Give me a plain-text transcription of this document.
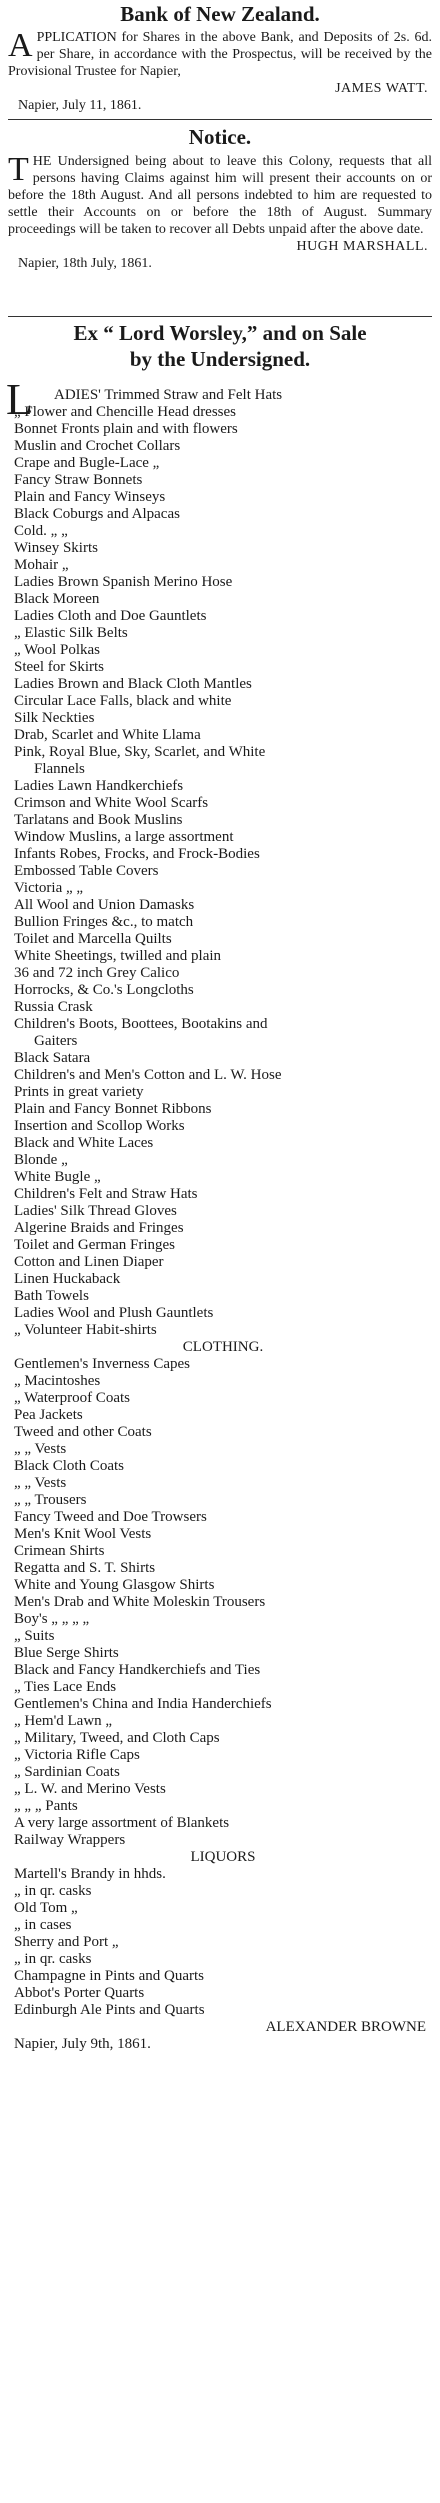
Bank of New Zealand.

APPLICATION for Shares in the above Bank, and Deposits of 2s. 6d. per Share, in accordance with the Prospectus, will be received by the Provisional Trustee for Napier,

JAMES WATT.

Napier, July 11, 1861.

Notice.

THE Undersigned being about to leave this Colony, requests that all persons having Claims against him will present their accounts on or before the 18th August. And all persons indebted to him are requested to settle their Accounts on or before the 18th of August. Summary proceedings will be taken to recover all Debts unpaid after the above date.

HUGH MARSHALL.

Napier, 18th July, 1861.

Ex “ Lord Worsley,” and on Sale

by the Undersigned.

L	ADIES' Trimmed Straw and Felt Hats
„ Flower and Chencille Head dresses
Bonnet Fronts plain and with flowers
Muslin and Crochet Collars
Crape and Bugle-Lace „
Fancy Straw Bonnets
Plain and Fancy Winseys
Black Coburgs and Alpacas
Cold. „ „
Winsey Skirts
Mohair „
Ladies Brown Spanish Merino Hose
Black Moreen
Ladies Cloth and Doe Gauntlets
„ Elastic Silk Belts
„ Wool Polkas
Steel for Skirts
Ladies Brown and Black Cloth Mantles
Circular Lace Falls, black and white
Silk Neckties
Drab, Scarlet and White Llama
Pink, Royal Blue, Sky, Scarlet, and White
Flannels
Ladies Lawn Handkerchiefs
Crimson and White Wool Scarfs
Tarlatans and Book Muslins
Window Muslins, a large assortment
Infants Robes, Frocks, and Frock-Bodies
Embossed Table Covers
Victoria „ „
All Wool and Union Damasks
Bullion Fringes &c., to match
Toilet and Marcella Quilts
White Sheetings, twilled and plain
36 and 72 inch Grey Calico
Horrocks, & Co.'s Longcloths
Russia Crask
Children's Boots, Boottees, Bootakins and
Gaiters
Black Satara
Children's and Men's Cotton and L. W. Hose
Prints in great variety
Plain and Fancy Bonnet Ribbons
Insertion and Scollop Works
Black and White Laces
Blonde „
White Bugle „
Children's Felt and Straw Hats
Ladies' Silk Thread Gloves
Algerine Braids and Fringes
Toilet and German Fringes
Cotton and Linen Diaper
Linen Huckaback
Bath Towels
Ladies Wool and Plush Gauntlets
„ Volunteer Habit-shirts
CLOTHING.
Gentlemen's Inverness Capes
„ Macintoshes
„ Waterproof Coats
Pea Jackets
Tweed and other Coats
„ „ Vests
Black Cloth Coats
„ „ Vests
„ „ Trousers
Fancy Tweed and Doe Trowsers
Men's Knit Wool Vests
Crimean Shirts
Regatta and S. T. Shirts
White and Young Glasgow Shirts
Men's Drab and White Moleskin Trousers
Boy's „ „ „ „
„ Suits
Blue Serge Shirts
Black and Fancy Handkerchiefs and Ties
„ Ties Lace Ends
Gentlemen's China and India Handerchiefs
„ Hem'd Lawn „
„ Military, Tweed, and Cloth Caps
„ Victoria Rifle Caps
„ Sardinian Coats
„ L. W. and Merino Vests
„ „ „ Pants
A very large assortment of Blankets
Railway Wrappers
LIQUORS
Martell's Brandy in hhds.
„ in qr. casks
Old Tom „
„ in cases
Sherry and Port „
„ in qr. casks
Champagne in Pints and Quarts
Abbot's Porter Quarts
Edinburgh Ale Pints and Quarts
ALEXANDER BROWNE
Napier, July 9th, 1861.
